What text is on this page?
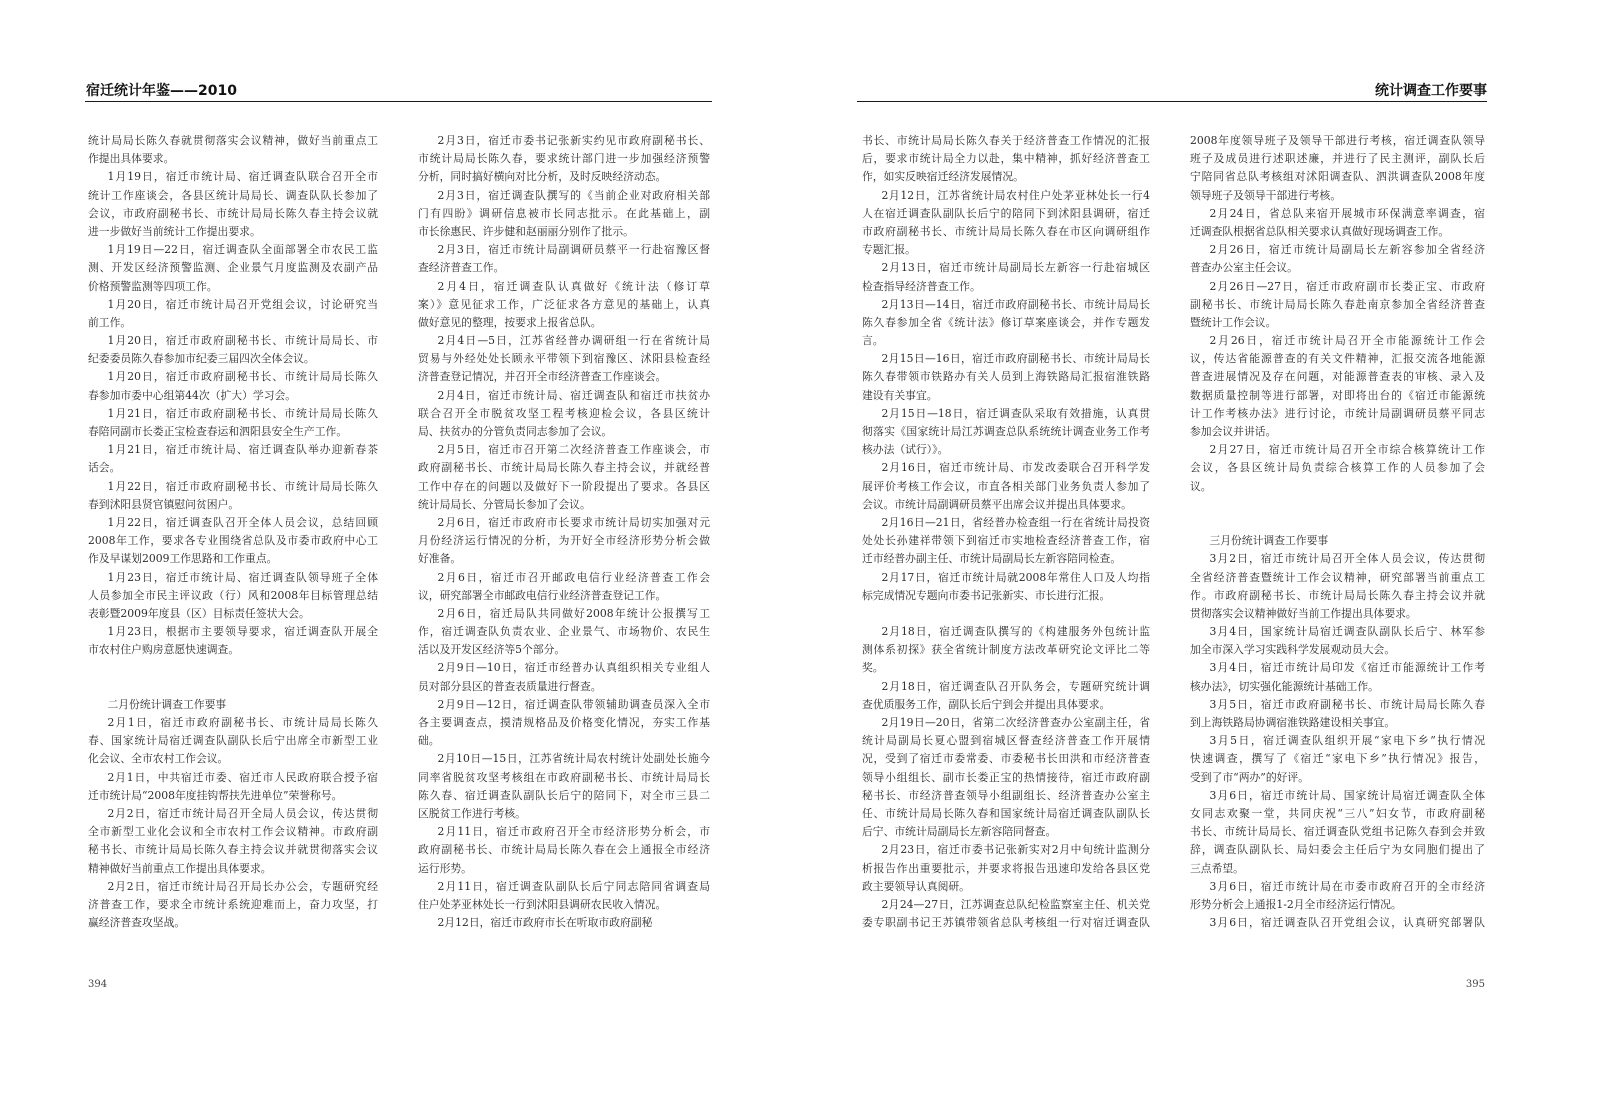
宿迁统计年鉴——2010
统计局局长陈久春就贯彻落实会议精神，做好当前重点工
作提出具体要求。
1月19日，宿迁市统计局、宿迁调查队联合召开全市
统计工作座谈会，各县区统计局局长、调查队队长参加了
会议，市政府副秘书长、市统计局局长陈久春主持会议就
进一步做好当前统计工作提出要求。
1月19日—22日，宿迁调查队全面部署全市农民工监
测、开发区经济预警监测、企业景气月度监测及农副产品
价格预警监测等四项工作。
1月20日，宿迁市统计局召开党组会议，讨论研究当
前工作。
1月20日，宿迁市政府副秘书长、市统计局局长、市
纪委委员陈久春参加市纪委三届四次全体会议。
1月20日，宿迁市政府副秘书长、市统计局局长陈久
春参加市委中心组第44次（扩大）学习会。
1月21日，宿迁市政府副秘书长、市统计局局长陈久
春陪同副市长娄正宝检查春运和泗阳县安全生产工作。
1月21日，宿迁市统计局、宿迁调查队举办迎新春茶
话会。
1月22日，宿迁市政府副秘书长、市统计局局长陈久
春到沭阳县贤官镇慰问贫困户。
1月22日，宿迁调查队召开全体人员会议，总结回顾
2008年工作，要求各专业围绕省总队及市委市政府中心工
作及早谋划2009工作思路和工作重点。
1月23日，宿迁市统计局、宿迁调查队领导班子全体
人员参加全市民主评议政（行）风和2008年目标管理总结
表彰暨2009年度县（区）目标责任签状大会。
1月23日，根据市主要领导要求，宿迁调查队开展全
市农村住户购房意愿快速调查。
二月份统计调查工作要事
2月1日，宿迁市政府副秘书长、市统计局局长陈久
春、国家统计局宿迁调查队副队长后宁出席全市新型工业
化会议、全市农村工作会议。
2月1日，中共宿迁市委、宿迁市人民政府联合授予宿
迁市统计局“2008年度挂钩帮扶先进单位”荣誉称号。
2月2日，宿迁市统计局召开全局人员会议，传达贯彻
全市新型工业化会议和全市农村工作会议精神。市政府副
秘书长、市统计局局长陈久春主持会议并就贯彻落实会议
精神做好当前重点工作提出具体要求。
2月2日，宿迁市统计局召开局长办公会，专题研究经
济普查工作，要求全市统计系统迎难而上，奋力攻坚，打
赢经济普查攻坚战。
2月3日，宿迁市委书记张新实约见市政府副秘书长、
市统计局局长陈久春，要求统计部门进一步加强经济预警
分析，同时搞好横向对比分析，及时反映经济动态。
2月3日，宿迁调查队撰写的《当前企业对政府相关部
门有四盼》调研信息被市长同志批示。在此基础上，副
市长徐惠民、许步健和赵丽丽分别作了批示。
2月3日，宿迁市统计局副调研员蔡平一行赴宿豫区督
查经济普查工作。
2月4日，宿迁调查队认真做好《统计法（修订草
案）》意见征求工作，广泛征求各方意见的基础上，认真
做好意见的整理，按要求上报省总队。
2月4日—5日，江苏省经普办调研组一行在省统计局
贸易与外经处处长顾永平带领下到宿豫区、沭阳县检查经
济普查登记情况，并召开全市经济普查工作座谈会。
2月4日，宿迁市统计局、宿迁调查队和宿迁市扶贫办
联合召开全市脱贫攻坚工程考核迎检会议，各县区统计
局、扶贫办的分管负责同志参加了会议。
2月5日，宿迁市召开第二次经济普查工作座谈会，市
政府副秘书长、市统计局局长陈久春主持会议，并就经普
工作中存在的问题以及做好下一阶段提出了要求。各县区
统计局局长、分管局长参加了会议。
2月6日，宿迁市政府市长要求市统计局切实加强对元
月份经济运行情况的分析，为开好全市经济形势分析会做
好准备。
2月6日，宿迁市召开邮政电信行业经济普查工作会
议，研究部署全市邮政电信行业经济普查登记工作。
2月6日，宿迁局队共同做好2008年统计公报撰写工
作，宿迁调查队负责农业、企业景气、市场物价、农民生
活以及开发区经济等5个部分。
2月9日—10日，宿迁市经普办认真组织相关专业组人
员对部分县区的普查表质量进行督查。
2月9日—12日，宿迁调查队带领辅助调查员深入全市
各主要调查点，摸清规格品及价格变化情况，夯实工作基
础。
2月10日—15日，江苏省统计局农村统计处副处长施今
同率省脱贫攻坚考核组在市政府副秘书长、市统计局局长
陈久春、宿迁调查队副队长后宁的陪同下，对全市三县二
区脱贫工作进行考核。
2月11日，宿迁市政府召开全市经济形势分析会，市
政府副秘书长、市统计局局长陈久春在会上通报全市经济
运行形势。
2月11日，宿迁调查队副队长后宁同志陪同省调查局
住户处茅亚林处长一行到沭阳县调研农民收入情况。
2月12日，宿迁市政府市长在听取市政府副秘
394
统计调查工作要事
书长、市统计局局长陈久春关于经济普查工作情况的汇报
后，要求市统计局全力以赴，集中精神，抓好经济普查工
作，如实反映宿迁经济发展情况。
2月12日，江苏省统计局农村住户处茅亚林处长一行4
人在宿迁调查队副队长后宁的陪同下到沭阳县调研，宿迁
市政府副秘书长、市统计局局长陈久春在市区向调研组作
专题汇报。
2月13日，宿迁市统计局副局长左新容一行赴宿城区
检查指导经济普查工作。
2月13日—14日，宿迁市政府副秘书长、市统计局局长
陈久春参加全省《统计法》修订草案座谈会，并作专题发
言。
2月15日—16日，宿迁市政府副秘书长、市统计局局长
陈久春带领市铁路办有关人员到上海铁路局汇报宿淮铁路
建设有关事宜。
2月15日—18日，宿迁调查队采取有效措施，认真贯
彻落实《国家统计局江苏调查总队系统统计调查业务工作考
核办法（试行）》。
2月16日，宿迁市统计局、市发改委联合召开科学发
展评价考核工作会议，市直各相关部门业务负责人参加了
会议。市统计局副调研员蔡平出席会议并提出具体要求。
2月16日—21日，省经普办检查组一行在省统计局投资
处处长孙建祥带领下到宿迁市实地检查经济普查工作，宿
迁市经普办副主任、市统计局副局长左新容陪同检查。
2月17日，宿迁市统计局就2008年常住人口及人均指
标完成情况专题向市委书记张新实、市长进行汇报。
2月18日，宿迁调查队撰写的《构建服务外包统计监
测体系初探》获全省统计制度方法改革研究论文评比二等
奖。
2月18日，宿迁调查队召开队务会，专题研究统计调
查优质服务工作，副队长后宁到会并提出具体要求。
2月19日—20日，省第二次经济普查办公室副主任，省
统计局副局长夏心盟到宿城区督查经济普查工作开展情
况，受到了宿迁市委常委、市委秘书长田洪和市经济普查
领导小组组长、副市长娄正宝的热情接待，宿迁市政府副
秘书长、市经济普查领导小组副组长、经济普查办公室主
任、市统计局局长陈久春和国家统计局宿迁调查队副队长
后宁、市统计局副局长左新容陪同督查。
2月23日，宿迁市委书记张新实对2月中旬统计监测分
析报告作出重要批示，并要求将报告迅速印发给各县区党
政主要领导认真阅研。
2月24—27日，江苏调查总队纪检监察室主任、机关党
委专职副书记王苏镇带领省总队考核组一行对宿迁调查队
2008年度领导班子及领导干部进行考核，宿迁调查队领导
班子及成员进行述职述廉，并进行了民主测评，副队长后
宁陪同省总队考核组对沭阳调查队、泗洪调查队2008年度
领导班子及领导干部进行考核。
2月24日，省总队来宿开展城市环保满意率调查，宿
迁调查队根据省总队相关要求认真做好现场调查工作。
2月26日，宿迁市统计局副局长左新容参加全省经济
普查办公室主任会议。
2月26日—27日，宿迁市政府副市长娄正宝、市政府
副秘书长、市统计局局长陈久春赴南京参加全省经济普查
暨统计工作会议。
2月26日，宿迁市统计局召开全市能源统计工作会
议，传达省能源普查的有关文件精神，汇报交流各地能源
普查进展情况及存在问题，对能源普查表的审核、录入及
数据质量控制等进行部署，对即将出台的《宿迁市能源统
计工作考核办法》进行讨论，市统计局副调研员蔡平同志
参加会议并讲话。
2月27日，宿迁市统计局召开全市综合核算统计工作
会议，各县区统计局负责综合核算工作的人员参加了会
议。
三月份统计调查工作要事
3月2日，宿迁市统计局召开全体人员会议，传达贯彻
全省经济普查暨统计工作会议精神，研究部署当前重点工
作。市政府副秘书长、市统计局局长陈久春主持会议并就
贯彻落实会议精神做好当前工作提出具体要求。
3月4日，国家统计局宿迁调查队副队长后宁、林军参
加全市深入学习实践科学发展观动员大会。
3月4日，宿迁市统计局印发《宿迁市能源统计工作考
核办法》，切实强化能源统计基础工作。
3月5日，宿迁市政府副秘书长、市统计局局长陈久春
到上海铁路局协调宿淮铁路建设相关事宜。
3月5日，宿迁调查队组织开展“家电下乡”执行情况
快速调查，撰写了《宿迁“家电下乡”执行情况》报告，
受到了市“两办”的好评。
3月6日，宿迁市统计局、国家统计局宿迁调查队全体
女同志欢聚一堂，共同庆祝“三八”妇女节，市政府副秘
书长、市统计局局长、宿迁调查队党组书记陈久春到会并致
辞，调查队副队长、局妇委会主任后宁为女同胞们提出了
三点希望。
3月6日，宿迁市统计局在市委市政府召开的全市经济
形势分析会上通报1-2月全市经济运行情况。
3月6日，宿迁调查队召开党组会议，认真研究部署队
395
